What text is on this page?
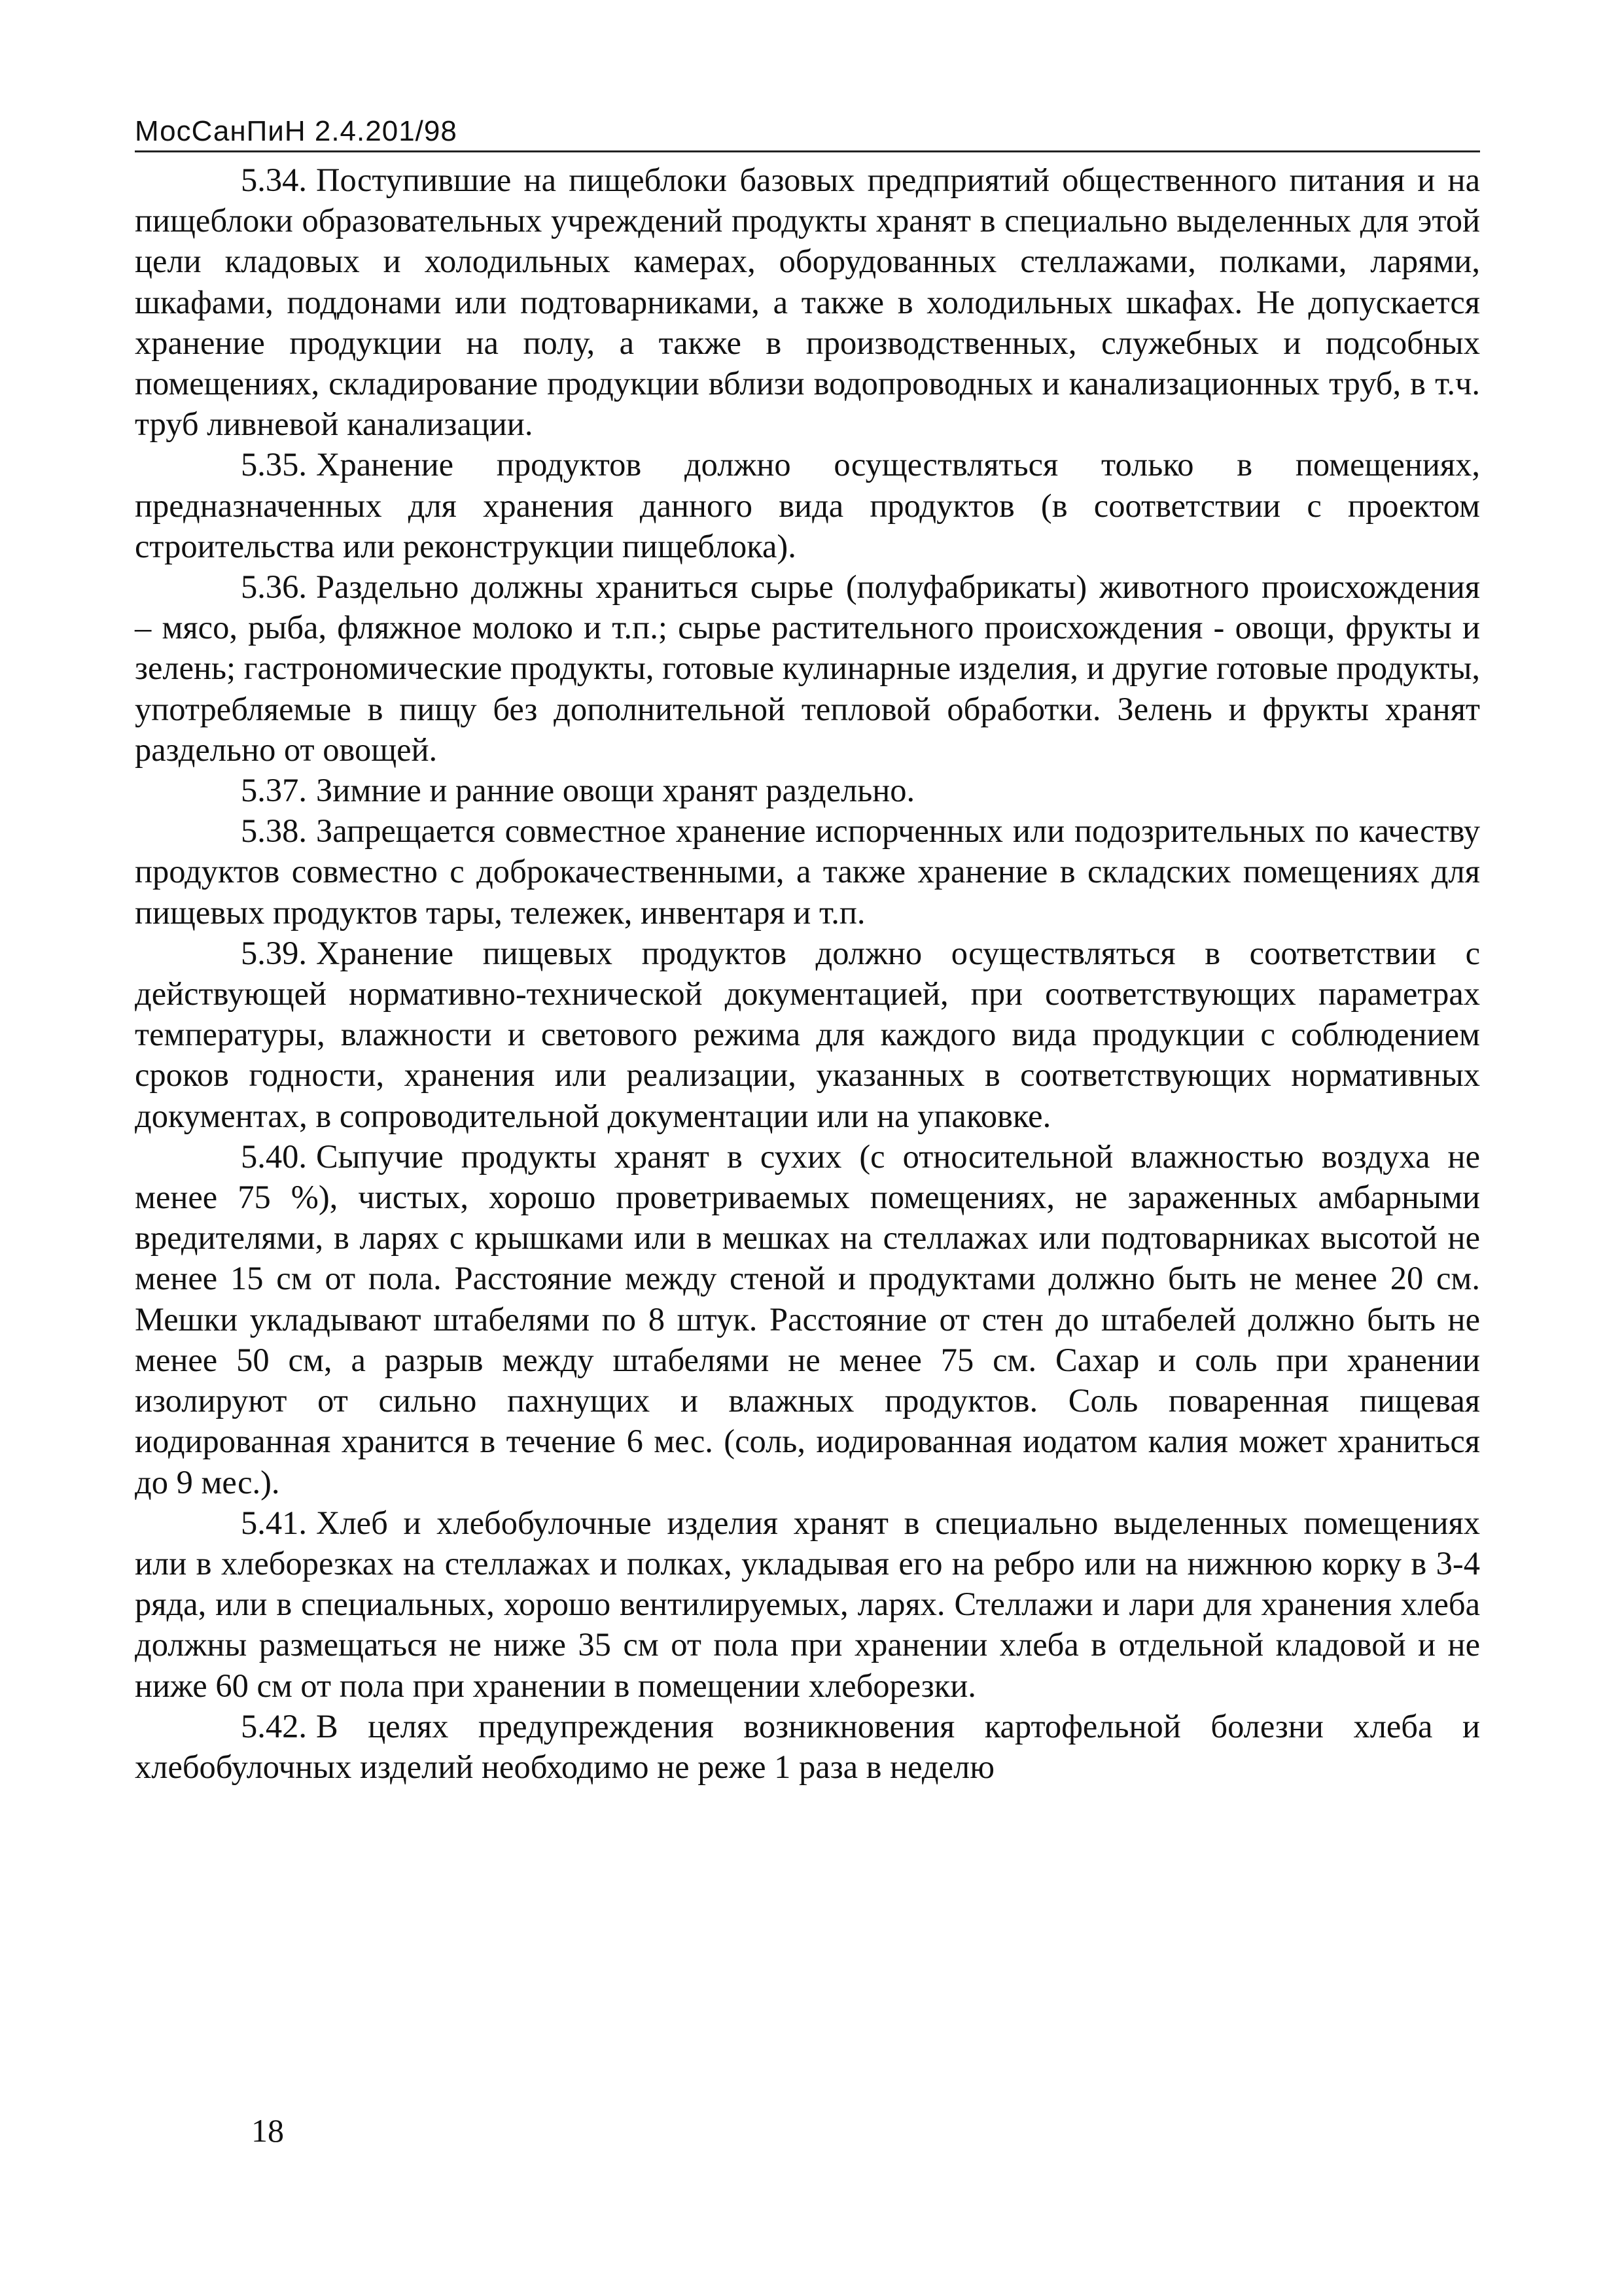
МосСанПиН 2.4.201/98

5.34. Поступившие на пищеблоки базовых предприятий общественного питания и на пищеблоки образовательных учреждений продукты хранят в специально выделенных для этой цели кладовых и холодильных камерах, оборудованных стеллажами, полками, ларями, шкафами, поддонами или подтоварниками, а также в холодильных шкафах. Не допускается хранение продукции на полу, а также в производственных, служебных и подсобных помещениях, складирование продукции вблизи водопроводных и канализационных труб, в т.ч. труб ливневой канализации.

5.35. Хранение продуктов должно осуществляться только в помещениях, предназначенных для хранения данного вида продуктов (в соответствии с проектом строительства или реконструкции пищеблока).

5.36. Раздельно должны храниться сырье (полуфабрикаты) животного происхождения – мясо, рыба, фляжное молоко и т.п.; сырье растительного происхождения - овощи, фрукты и зелень; гастрономические продукты, готовые кулинарные изделия, и другие готовые продукты, употребляемые в пищу без дополнительной тепловой обработки. Зелень и фрукты хранят раздельно от овощей.

5.37. Зимние и ранние овощи хранят раздельно.

5.38. Запрещается совместное хранение испорченных или подозрительных по качеству продуктов совместно с доброкачественными, а также хранение в складских помещениях для пищевых продуктов тары, тележек, инвентаря и т.п.

5.39. Хранение пищевых продуктов должно осуществляться в соответствии с действующей нормативно-технической документацией, при соответствующих параметрах температуры, влажности и светового режима для каждого вида продукции с соблюдением сроков годности, хранения или реализации, указанных в соответствующих нормативных документах, в сопроводительной документации или на упаковке.

5.40. Сыпучие продукты хранят в сухих (с относительной влажностью воздуха не менее 75 %), чистых, хорошо проветриваемых помещениях, не зараженных амбарными вредителями, в ларях с крышками или в мешках на стеллажах или подтоварниках высотой не менее 15 см от пола. Расстояние между стеной и продуктами должно быть не менее 20 см. Мешки укладывают штабелями по 8 штук. Расстояние от стен до штабелей должно быть не менее 50 см, а разрыв между штабелями не менее 75 см. Сахар и соль при хранении изолируют от сильно пахнущих и влажных продуктов. Соль поваренная пищевая иодированная хранится в течение 6 мес. (соль, иодированная иодатом калия может храниться до 9 мес.).

5.41. Хлеб и хлебобулочные изделия хранят в специально выделенных помещениях или в хлеборезках на стеллажах и полках, укладывая его на ребро или на нижнюю корку в 3-4 ряда, или в специальных, хорошо вентилируемых, ларях. Стеллажи и лари для хранения хлеба должны размещаться не ниже 35 см от пола при хранении хлеба в отдельной кладовой и не ниже 60 см от пола при хранении в помещении хлеборезки.

5.42. В целях предупреждения возникновения картофельной болезни хлеба и хлебобулочных изделий необходимо не реже 1 раза в неделю

18
